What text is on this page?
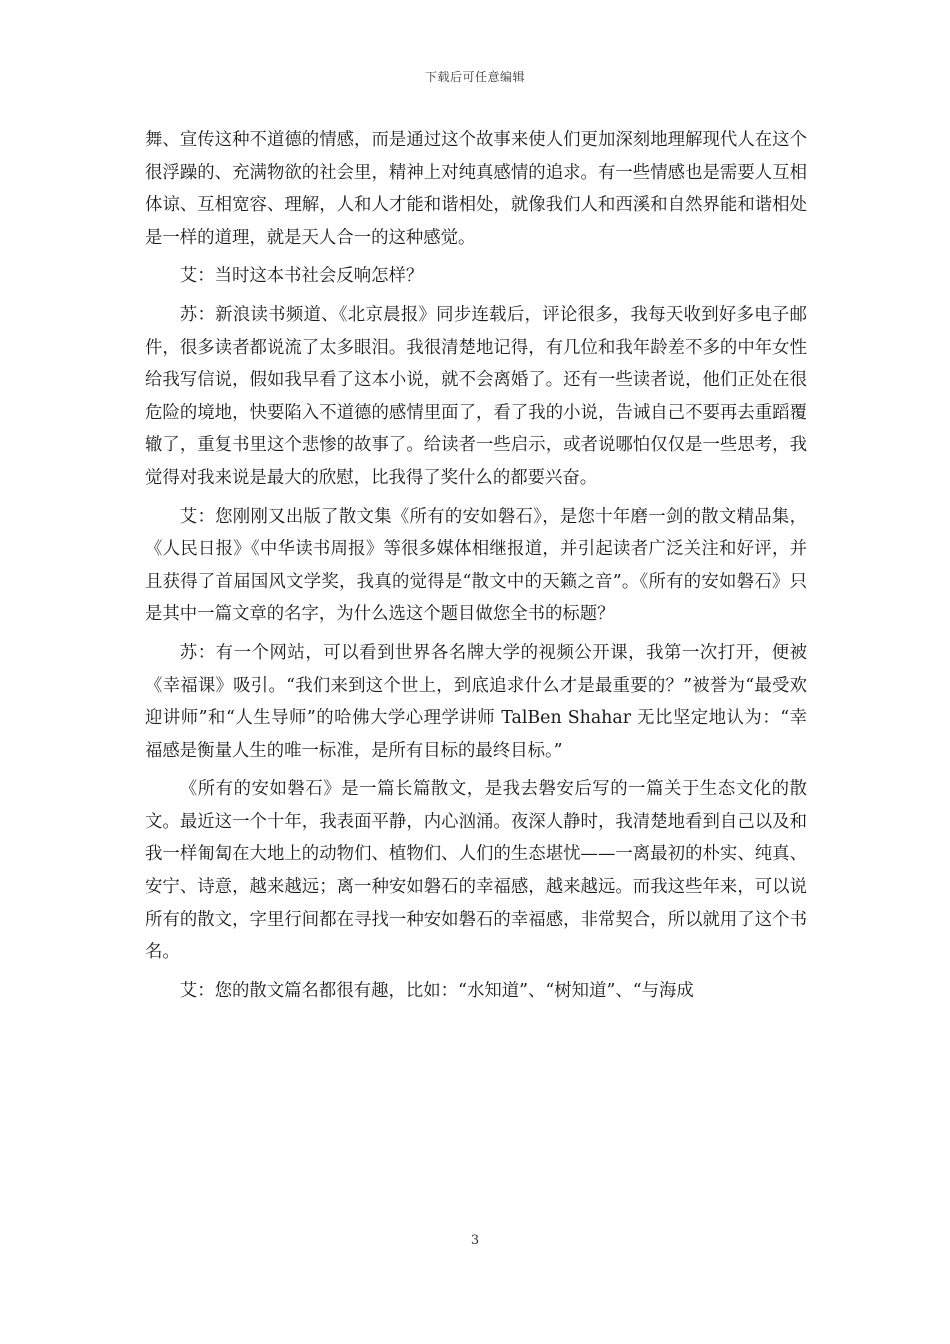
下载后可任意编辑

舞、宣传这种不道德的情感，而是通过这个故事来使人们更加深刻地理解现代人在这个很浮躁的、充满物欲的社会里，精神上对纯真感情的追求。有一些情感也是需要人互相体谅、互相宽容、理解，人和人才能和谐相处，就像我们人和西溪和自然界能和谐相处是一样的道理，就是天人合一的这种感觉。

艾：当时这本书社会反响怎样？

苏：新浪读书频道、《北京晨报》同步连载后，评论很多，我每天收到好多电子邮件，很多读者都说流了太多眼泪。我很清楚地记得，有几位和我年龄差不多的中年女性给我写信说，假如我早看了这本小说，就不会离婚了。还有一些读者说，他们正处在很危险的境地，快要陷入不道德的感情里面了，看了我的小说，告诫自己不要再去重蹈覆辙了，重复书里这个悲惨的故事了。给读者一些启示，或者说哪怕仅仅是一些思考，我觉得对我来说是最大的欣慰，比我得了奖什么的都要兴奋。

艾：您刚刚又出版了散文集《所有的安如磐石》，是您十年磨一剑的散文精品集，《人民日报》《中华读书周报》等很多媒体相继报道，并引起读者广泛关注和好评，并且获得了首届国风文学奖，我真的觉得是“散文中的天籁之音”。《所有的安如磐石》只是其中一篇文章的名字，为什么选这个题目做您全书的标题？

苏：有一个网站，可以看到世界各名牌大学的视频公开课，我第一次打开，便被《幸福课》吸引。“我们来到这个世上，到底追求什么才是最重要的？”被誉为“最受欢迎讲师”和“人生导师”的哈佛大学心理学讲师 TalBen Shahar 无比坚定地认为：“幸福感是衡量人生的唯一标准，是所有目标的最终目标。”

《所有的安如磐石》是一篇长篇散文，是我去磐安后写的一篇关于生态文化的散文。最近这一个十年，我表面平静，内心汹涌。夜深人静时，我清楚地看到自己以及和我一样匍匐在大地上的动物们、植物们、人们的生态堪忧——一离最初的朴实、纯真、安宁、诗意，越来越远；离一种安如磐石的幸福感，越来越远。而我这些年来，可以说所有的散文，字里行间都在寻找一种安如磐石的幸福感，非常契合，所以就用了这个书名。

艾：您的散文篇名都很有趣，比如：“水知道”、“树知道”、“与海成

3
